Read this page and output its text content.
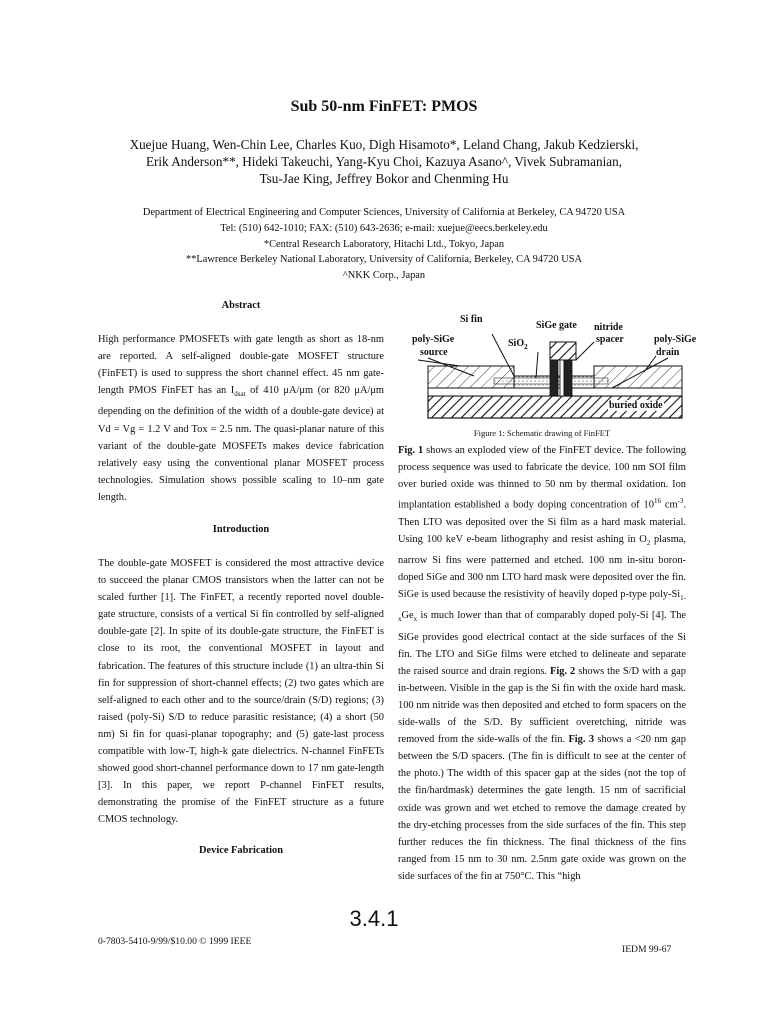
Sub 50-nm FinFET: PMOS
Xuejue Huang, Wen-Chin Lee, Charles Kuo, Digh Hisamoto*, Leland Chang, Jakub Kedzierski,
Erik Anderson**, Hideki Takeuchi, Yang-Kyu Choi, Kazuya Asano^, Vivek Subramanian,
Tsu-Jae King, Jeffrey Bokor and Chenming Hu
Department of Electrical Engineering and Computer Sciences, University of California at Berkeley, CA 94720 USA
Tel: (510) 642-1010; FAX: (510) 643-2636; e-mail: xuejue@eecs.berkeley.edu
*Central Research Laboratory, Hitachi Ltd., Tokyo, Japan
**Lawrence Berkeley National Laboratory, University of California, Berkeley, CA 94720 USA
^NKK Corp., Japan
Abstract

High performance PMOSFETs with gate length as short as 18-nm are reported. A self-aligned double-gate MOSFET structure (FinFET) is used to suppress the short channel effect. 45 nm gate-length PMOS FinFET has an $I_{dsat}$ of 410 μA/μm (or 820 μA/μm depending on the definition of the width of a double-gate device) at Vd = Vg = 1.2 V and Tox = 2.5 nm. The quasi-planar nature of this variant of the double-gate MOSFETs makes device fabrication relatively easy using the conventional planar MOSFET process technologies. Simulation shows possible scaling to 10–nm gate length.

Introduction

The double-gate MOSFET is considered the most attractive device to succeed the planar CMOS transistors when the latter can not be scaled further [1]. The FinFET, a recently reported novel double-gate structure, consists of a vertical Si fin controlled by self-aligned double-gate [2]. In spite of its double-gate structure, the FinFET is close to its root, the conventional MOSFET in layout and fabrication. The features of this structure include (1) an ultra-thin Si fin for suppression of short-channel effects; (2) two gates which are self-aligned to each other and to the source/drain (S/D) regions; (3) raised (poly-Si) S/D to reduce parasitic resistance; (4) a short (50 nm) Si fin for quasi-planar topography; and (5) gate-last process compatible with low-T, high-k gate dielectrics. N-channel FinFETs showed good short-channel performance down to 17 nm gate-length [3]. In this paper, we report P-channel FinFET results, demonstrating the promise of the FinFET structure as a future CMOS technology.

Device Fabrication
Si fin
SiGe gate nitride
spacer
poly-SiGe
source
poly-SiGe
drain
SiO$_2$
buried oxide
Figure 1: Schematic drawing of FinFET

Fig. 1 shows an exploded view of the FinFET device. The following process sequence was used to fabricate the device. 100 nm SOI film over buried oxide was thinned to 50 nm by thermal oxidation. Ion implantation established a body doping concentration of $10^{16}$ $cm^{-3}$. Then LTO was deposited over the Si film as a hard mask material. Using 100 keV e-beam lithography and resist ashing in $O_2$ plasma, narrow Si fins were patterned and etched. 100 nm in-situ boron-doped SiGe and 300 nm LTO hard mask were deposited over the fin. SiGe is used because the resistivity of heavily doped p-type poly-$Si_{1-x}Ge_x$ is much lower than that of comparably doped poly-Si [4]. The SiGe provides good electrical contact at the side surfaces of the Si fin. The LTO and SiGe films were etched to delineate and separate the raised source and drain regions. Fig. 2 shows the S/D with a gap in-between. Visible in the gap is the Si fin with the oxide hard mask. 100 nm nitride was then deposited and etched to form spacers on the side-walls of the S/D. By sufficient overetching, nitride was removed from the side-walls of the fin. Fig. 3 shows a <20 nm gap between the S/D spacers. (The fin is difficult to see at the center of the photo.) The width of this spacer gap at the sides (not the top of the fin/hardmask) determines the gate length. 15 nm of sacrificial oxide was grown and wet etched to remove the damage created by the dry-etching processes from the side surfaces of the fin. This step further reduces the fin thickness. The final thickness of the fins ranged from 15 nm to 30 nm. 2.5nm gate oxide was grown on the side surfaces of the fin at 750°C. This “high

3.4.1
0-7803-5410-9/99/$10.00 © 1999 IEEE
IEDM 99-67
